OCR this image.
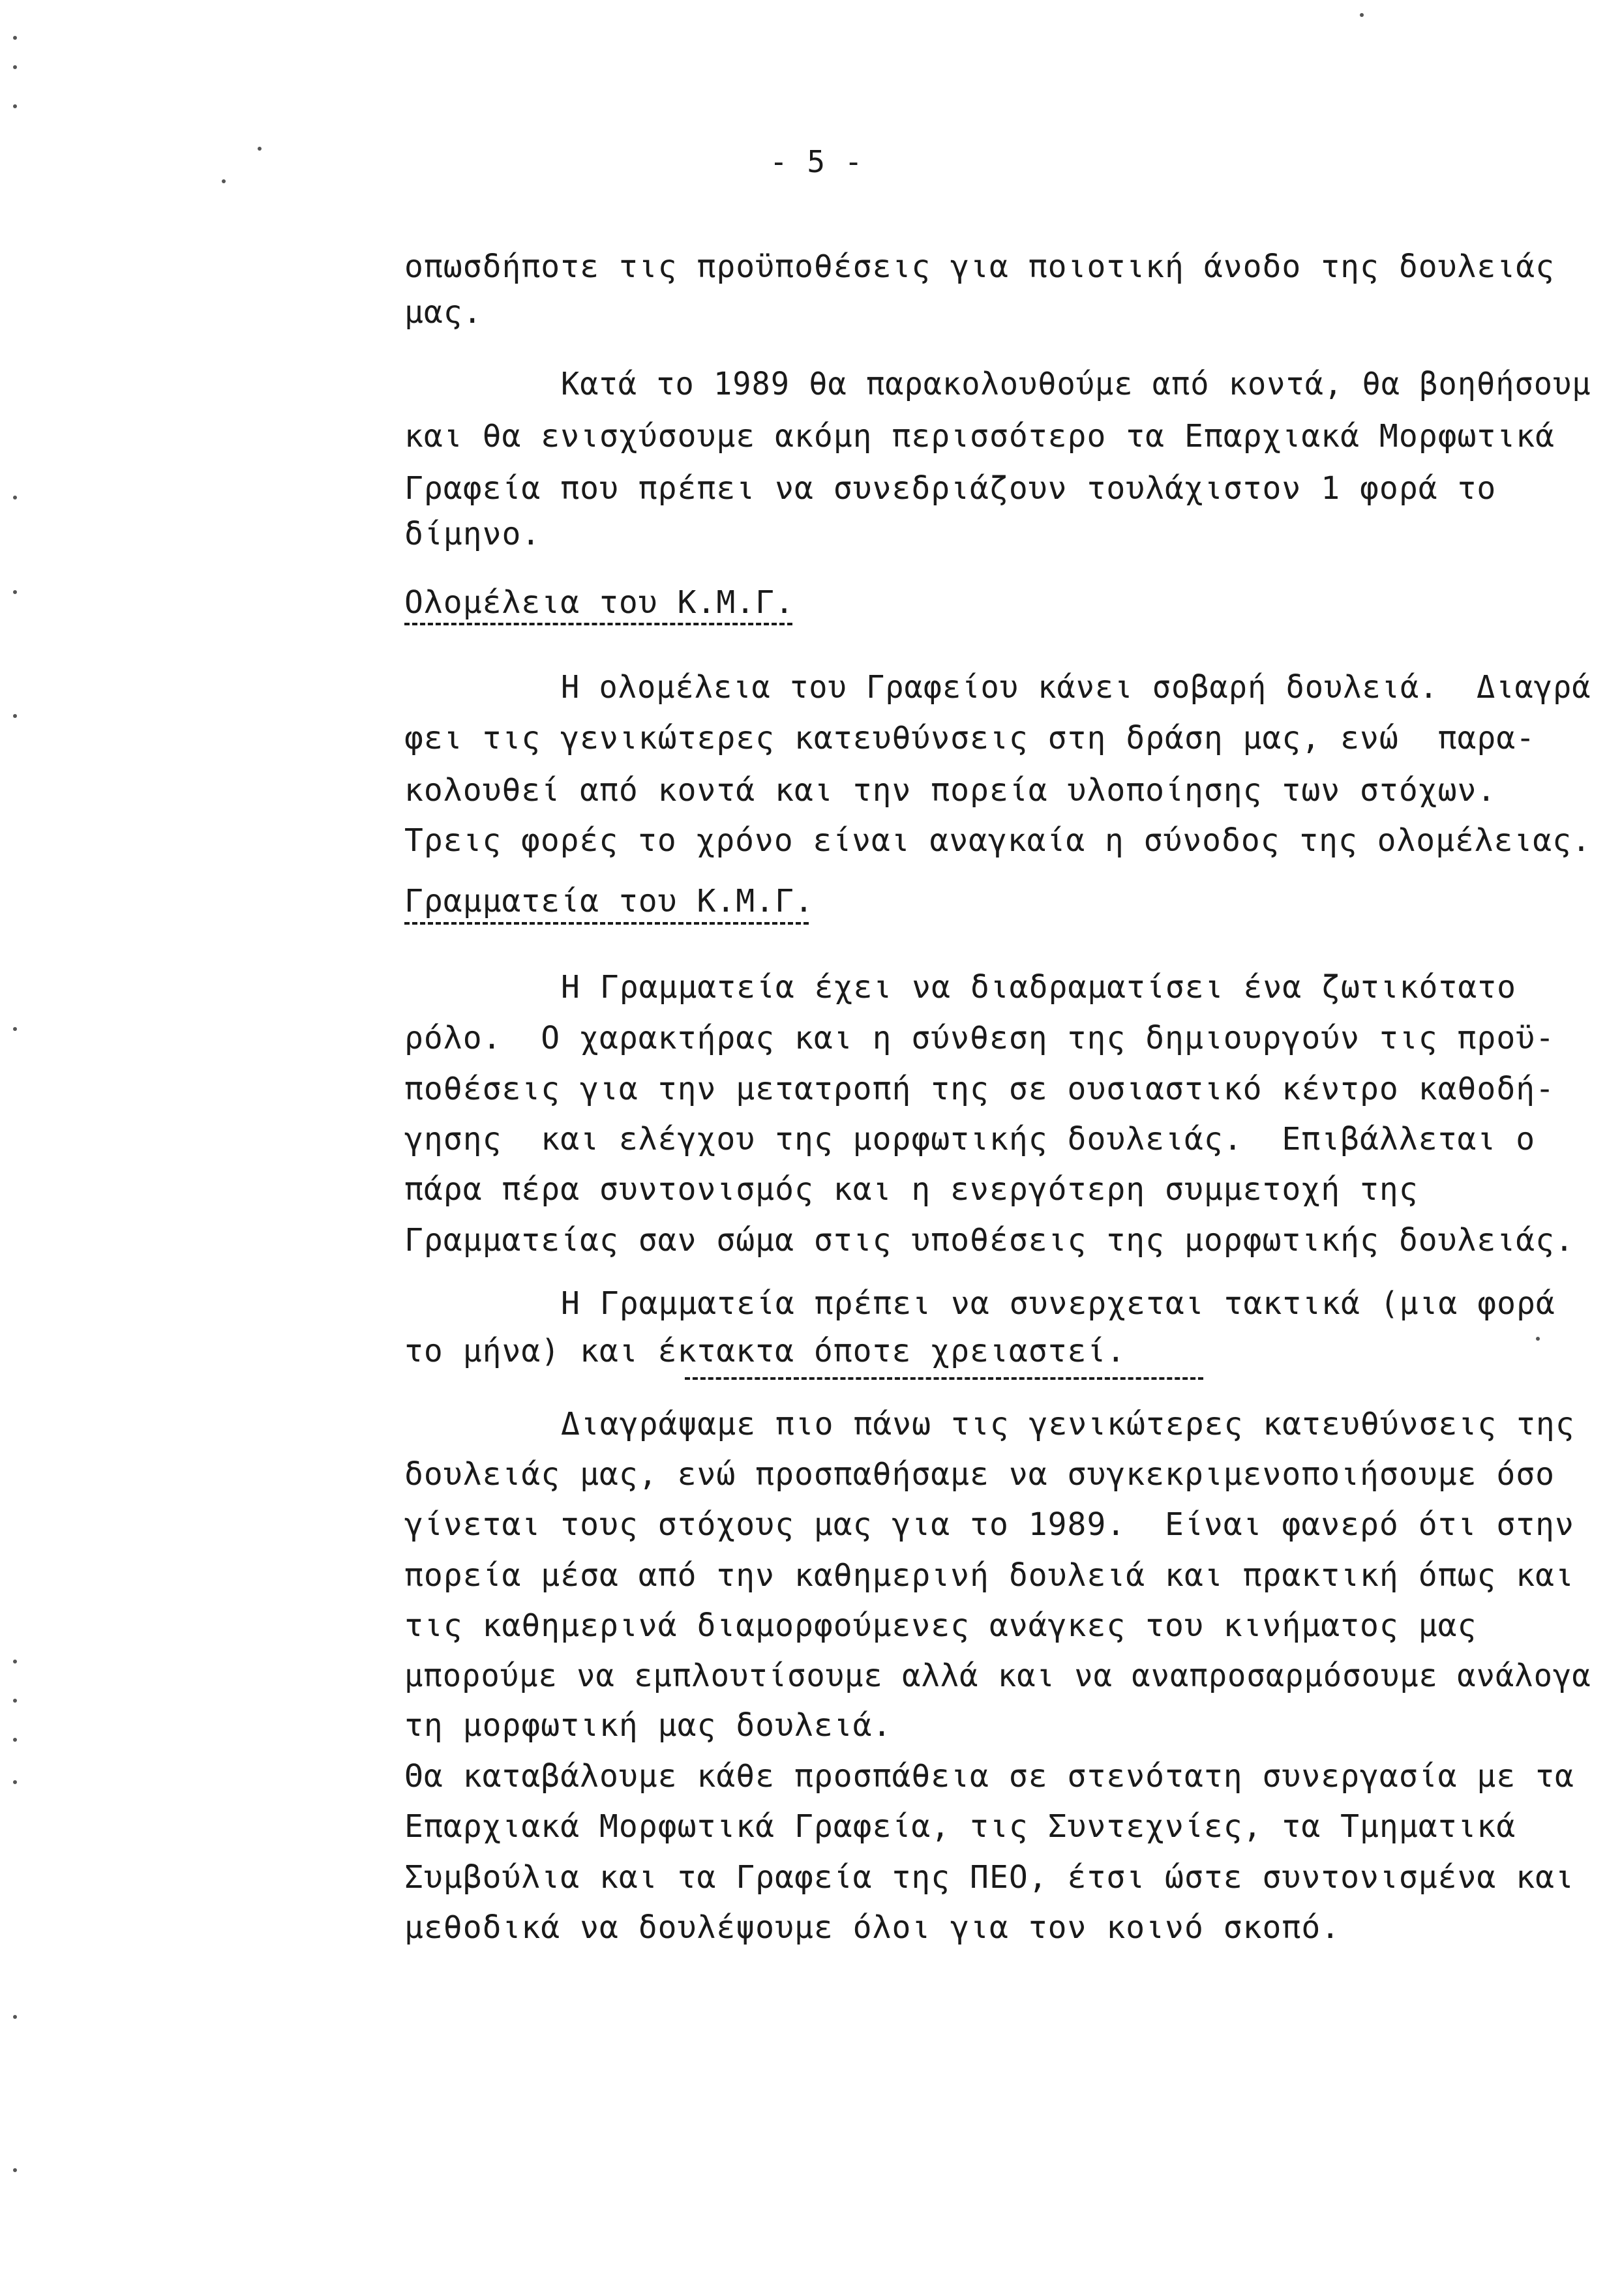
- 5 -
οπωσδήποτε τις προϋποθέσεις για ποιοτική άνοδο της δουλειάς
μας.
Κατά το 1989 θα παρακολουθούμε από κοντά, θα βοηθήσουμ
και θα ενισχύσουμε ακόμη περισσότερο τα Επαρχιακά Μορφωτικά
Γραφεία που πρέπει να συνεδριάζουν τουλάχιστον 1 φορά το
δίμηνο.
Ολομέλεια του Κ.Μ.Γ.
Η ολομέλεια του Γραφείου κάνει σοβαρή δουλειά.  Διαγρά
φει τις γενικώτερες κατευθύνσεις στη δράση μας, ενώ  παρα-
κολουθεί από κοντά και την πορεία υλοποίησης των στόχων.
Τρεις φορές το χρόνο είναι αναγκαία η σύνοδος της ολομέλειας.
Γραμματεία του Κ.Μ.Γ.
Η Γραμματεία έχει να διαδραματίσει ένα ζωτικότατο
ρόλο.  Ο χαρακτήρας και η σύνθεση της δημιουργούν τις προϋ-
ποθέσεις για την μετατροπή της σε ουσιαστικό κέντρο καθοδή-
γησης  και ελέγχου της μορφωτικής δουλειάς.  Επιβάλλεται ο
πάρα πέρα συντονισμός και η ενεργότερη συμμετοχή της
Γραμματείας σαν σώμα στις υποθέσεις της μορφωτικής δουλειάς.
Η Γραμματεία πρέπει να συνερχεται τακτικά (μια φορά
το μήνα) και έκτακτα όποτε χρειαστεί.
Διαγράψαμε πιο πάνω τις γενικώτερες κατευθύνσεις της
δουλειάς μας, ενώ προσπαθήσαμε να συγκεκριμενοποιήσουμε όσο
γίνεται τους στόχους μας για το 1989.  Είναι φανερό ότι στην
πορεία μέσα από την καθημερινή δουλειά και πρακτική όπως και
τις καθημερινά διαμορφούμενες ανάγκες του κινήματος μας
μπορούμε να εμπλουτίσουμε αλλά και να αναπροσαρμόσουμε ανάλογα
τη μορφωτική μας δουλειά.
Θα καταβάλουμε κάθε προσπάθεια σε στενότατη συνεργασία με τα
Επαρχιακά Μορφωτικά Γραφεία, τις Συντεχνίες, τα Τμηματικά
Συμβούλια και τα Γραφεία της ΠΕΟ, έτσι ώστε συντονισμένα και
μεθοδικά να δουλέψουμε όλοι για τον κοινό σκοπό.
